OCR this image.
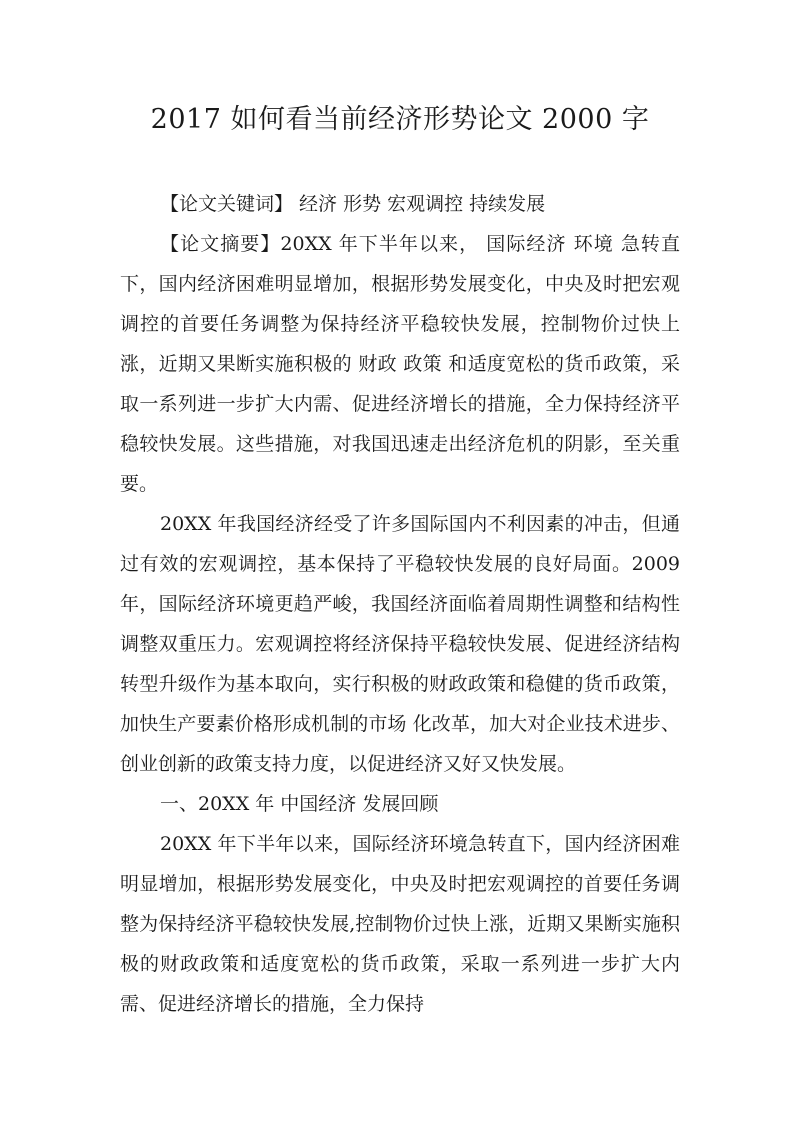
2017 如何看当前经济形势论文 2000 字

【论文关键词】 经济 形势 宏观调控 持续发展

【论文摘要】20XX 年下半年以来， 国际经济 环境 急转直下，国内经济困难明显增加，根据形势发展变化，中央及时把宏观调控的首要任务调整为保持经济平稳较快发展，控制物价过快上涨，近期又果断实施积极的 财政 政策 和适度宽松的货币政策，采取一系列进一步扩大内需、促进经济增长的措施，全力保持经济平稳较快发展。这些措施，对我国迅速走出经济危机的阴影，至关重要。

20XX 年我国经济经受了许多国际国内不利因素的冲击，但通过有效的宏观调控，基本保持了平稳较快发展的良好局面。2009 年，国际经济环境更趋严峻，我国经济面临着周期性调整和结构性调整双重压力。宏观调控将经济保持平稳较快发展、促进经济结构转型升级作为基本取向，实行积极的财政政策和稳健的货币政策，加快生产要素价格形成机制的市场 化改革，加大对企业技术进步、创业创新的政策支持力度，以促进经济又好又快发展。

一、20XX 年 中国经济 发展回顾

20XX 年下半年以来，国际经济环境急转直下，国内经济困难明显增加，根据形势发展变化，中央及时把宏观调控的首要任务调整为保持经济平稳较快发展,控制物价过快上涨，近期又果断实施积极的财政政策和适度宽松的货币政策，采取一系列进一步扩大内需、促进经济增长的措施，全力保持
